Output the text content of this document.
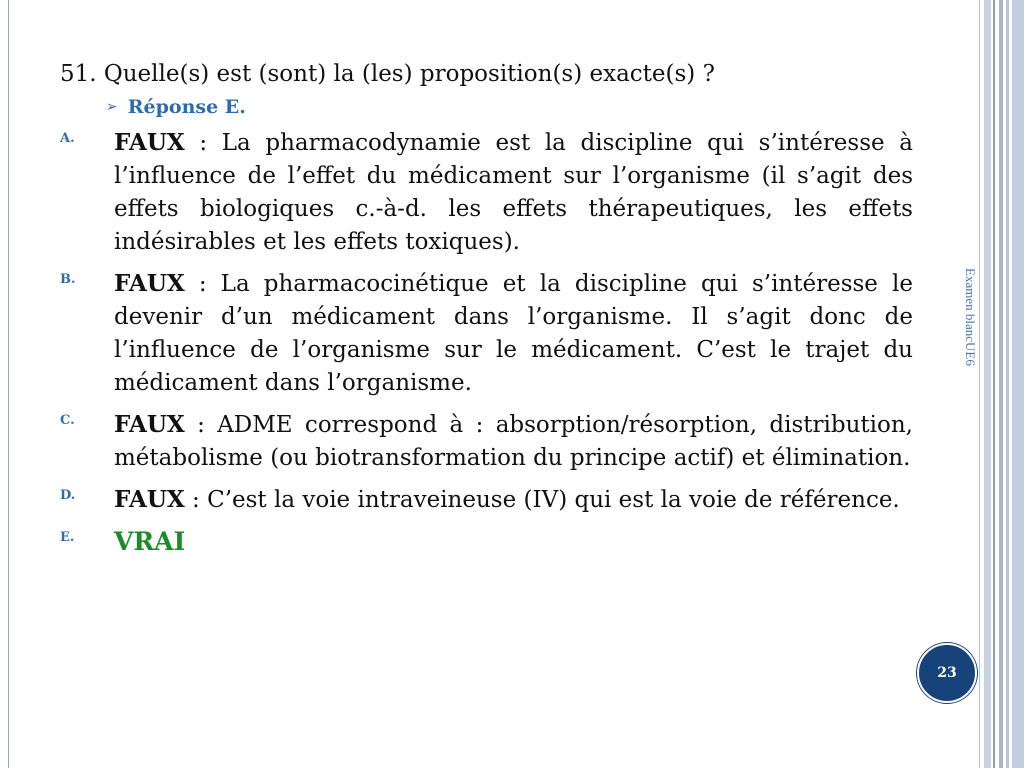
51. Quelle(s) est (sont) la (les) proposition(s) exacte(s) ?
➢ Réponse E.
A.	FAUX : La pharmacodynamie est la discipline qui s’intéresse à l’influence de l’effet du médicament sur l’organisme (il s’agit des effets biologiques c.-à-d. les effets thérapeutiques, les effets indésirables et les effets toxiques).
B.	FAUX : La pharmacocinétique et la discipline qui s’intéresse le devenir d’un médicament dans l’organisme. Il s’agit donc de l’influence de l’organisme sur le médicament. C’est le trajet du médicament dans l’organisme.
C.	FAUX : ADME correspond à : absorption/résorption, distribution, métabolisme (ou biotransformation du principe actif) et élimination.
D.	FAUX : C’est la voie intraveineuse (IV) qui est la voie de référence.
E.	VRAI
Examen blancUE6
23
